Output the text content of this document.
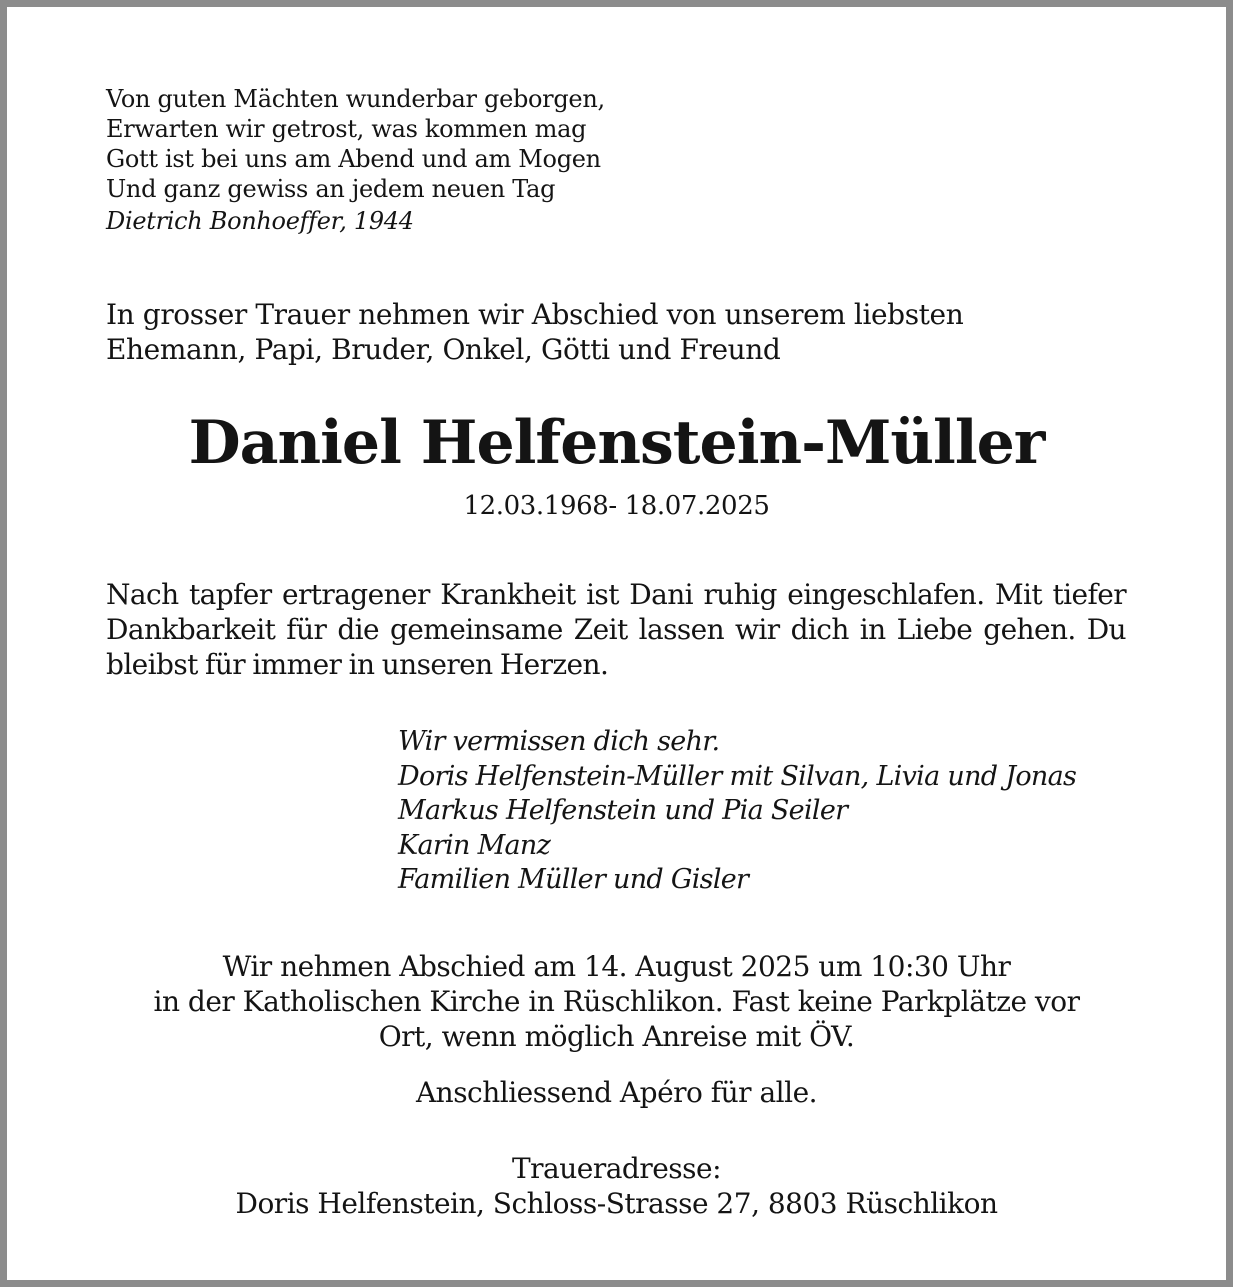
Von guten Mächten wunderbar geborgen,
Erwarten wir getrost, was kommen mag
Gott ist bei uns am Abend und am Mogen
Und ganz gewiss an jedem neuen Tag
Dietrich Bonhoeffer, 1944
In grosser Trauer nehmen wir Abschied von unserem liebsten
Ehemann, Papi, Bruder, Onkel, Götti und Freund
Daniel Helfenstein-Müller
12.03.1968- 18.07.2025
Nach tapfer ertragener Krankheit ist Dani ruhig eingeschlafen. Mit tiefer Dankbarkeit für die gemeinsame Zeit lassen wir dich in Liebe gehen. Du bleibst für immer in unseren Herzen.
Wir vermissen dich sehr.
Doris Helfenstein-Müller mit Silvan, Livia und Jonas
Markus Helfenstein und Pia Seiler
Karin Manz
Familien Müller und Gisler
Wir nehmen Abschied am 14. August 2025 um 10:30 Uhr
in der Katholischen Kirche in Rüschlikon. Fast keine Parkplätze vor
Ort, wenn möglich Anreise mit ÖV.
Anschliessend Apéro für alle.
Traueradresse:
Doris Helfenstein, Schloss-Strasse 27, 8803 Rüschlikon
